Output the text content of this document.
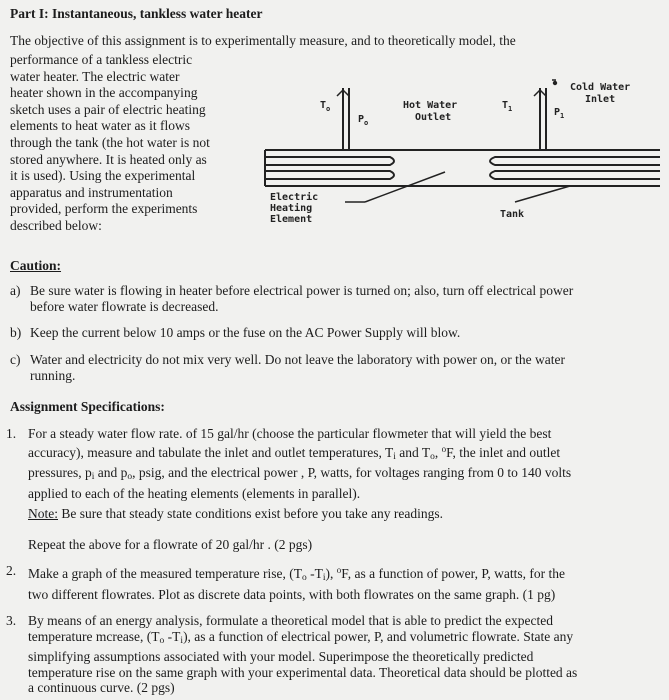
Part I: Instantaneous, tankless water heater
The objective of this assignment is to experimentally measure, and to theoretically model, the
performance of a tankless electric
water heater. The electric water
heater shown in the accompanying
sketch uses a pair of electric heating
elements to heat water as it flows
through the tank (the hot water is not
stored anywhere. It is heated only as
it is used). Using the experimental
apparatus and instrumentation
provided, perform the experiments
described below:
$T_o$
$P_o$
Hot Water
Outlet
$T_1$	$P_1$
Cold Water
Inlet
Electric
Heating
Element	Tank
Caution:
a) Be sure water is flowing in heater before electrical power is turned on; also, turn off electrical power
before water flowrate is decreased.
b) Keep the current below 10 amps or the fuse on the AC Power Supply will blow.
c) Water and electricity do not mix very well. Do not leave the laboratory with power on, or the water
running.
Assignment Specifications:
1. For a steady water flow rate. of 15 gal/hr (choose the particular flowmeter that will yield the best
accuracy), measure and tabulate the inlet and outlet temperatures, $T_i$ and $T_o$, $^o$F, the inlet and outlet
pressures, $p_i$ and $p_o$, psig, and the electrical power , P, watts, for voltages ranging from 0 to 140 volts
applied to each of the heating elements (elements in parallel).
Note: Be sure that steady state conditions exist before you take any readings.
Repeat the above for a flowrate of 20 gal/hr . (2 pgs)
2. Make a graph of the measured temperature rise, ($T_o$ $-T_i$), $^o$F, as a function of power, P, watts, for the
two different flowrates. Plot as discrete data points, with both flowrates on the same graph. (1 pg)
3. By means of an energy analysis, formulate a theoretical model that is able to predict the expected
temperature mcrease, ($T_o$ $-T_i$), as a function of electrical power, P, and volumetric flowrate. State any
simplifying assumptions associated with your model. Superimpose the theoretically predicted
temperature rise on the same graph with your experimental data. Theoretical data should be plotted as
a continuous curve. (2 pgs)
